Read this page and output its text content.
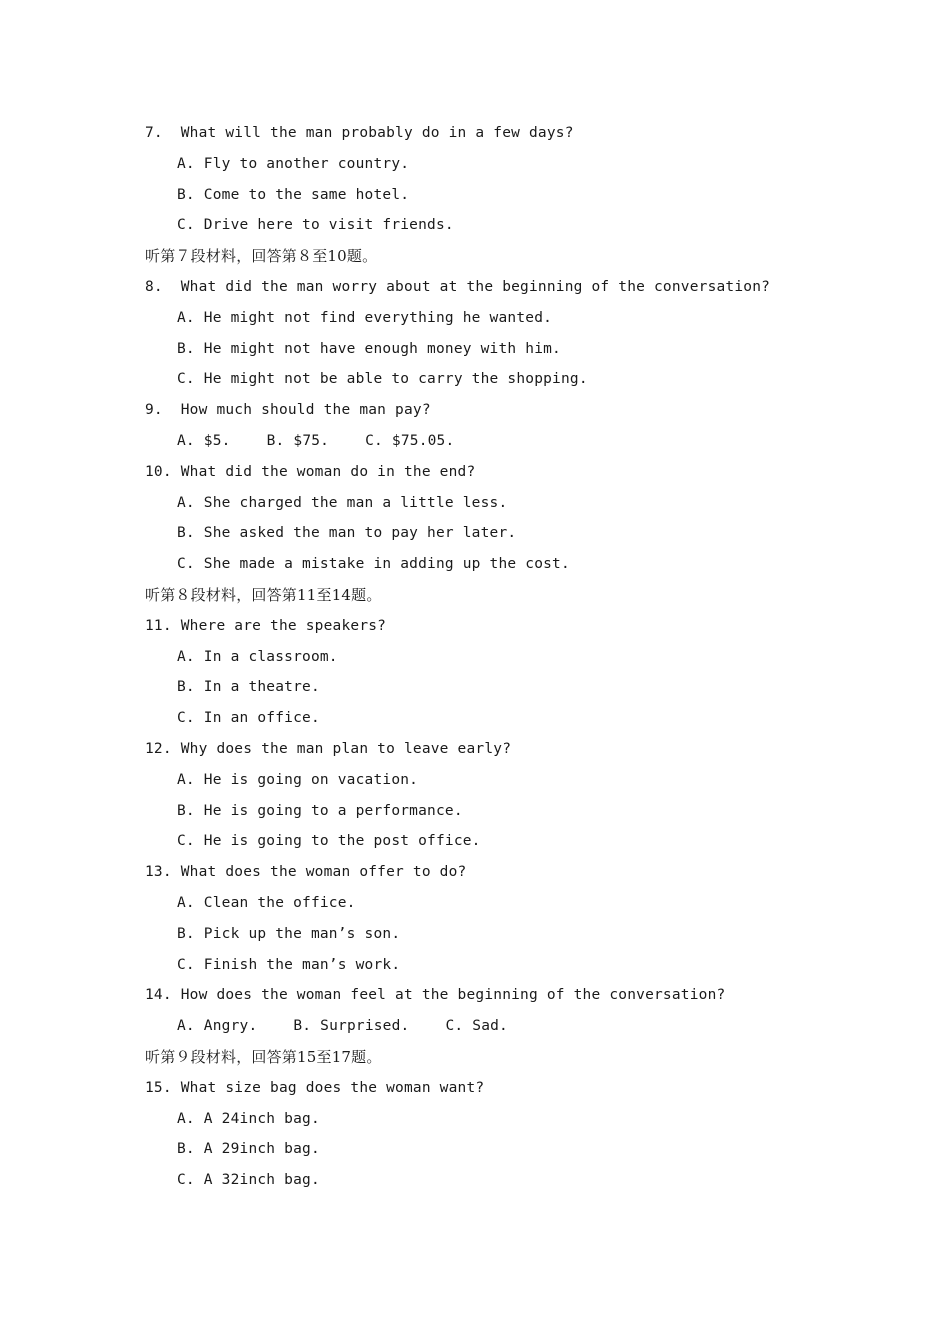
7.  What will the man probably do in a few days?
A. Fly to another country.
B. Come to the same hotel.
C. Drive here to visit friends.
听第７段材料，回答第８至10题。
8.  What did the man worry about at the beginning of the conversation?
A. He might not find everything he wanted.
B. He might not have enough money with him.
C. He might not be able to carry the shopping.
9.  How much should the man pay?
A. $5. B. $75. C. $75.05.
10. What did the woman do in the end?
A. She charged the man a little less.
B. She asked the man to pay her later.
C. She made a mistake in adding up the cost.
听第８段材料，回答第11至14题。
11. Where are the speakers?
A. In a classroom.
B. In a theatre.
C. In an office.
12. Why does the man plan to leave early?
A. He is going on vacation.
B. He is going to a performance.
C. He is going to the post office.
13. What does the woman offer to do?
A. Clean the office.
B. Pick up the man’s son.
C. Finish the man’s work.
14. How does the woman feel at the beginning of the conversation?
A. Angry. B. Surprised. C. Sad.
听第９段材料，回答第15至17题。
15. What size bag does the woman want?
A. A 24inch bag.
B. A 29inch bag.
C. A 32inch bag.
